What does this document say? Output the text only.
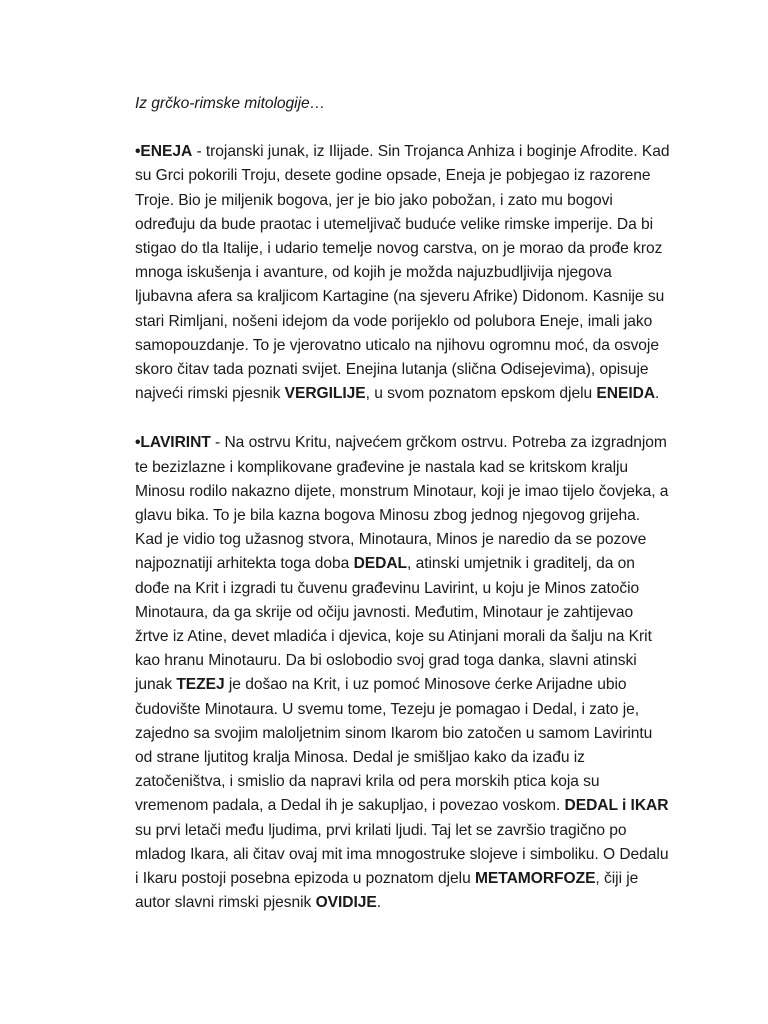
Iz grčko-rimske mitologije…

•ENEJA - trojanski junak, iz Ilijade. Sin Trojanca Anhiza i boginje Afrodite. Kad su Grci pokorili Troju, desete godine opsade, Eneja je pobjegao iz razorene Troje. Bio je miljenik bogova, jer je bio jako pobožan, i zato mu bogovi određuju da bude praotac i utemeljivač buduće velike rimske imperije. Da bi stigao do tla Italije, i udario temelje novog carstva, on je morao da prođe kroz mnoga iskušenja i avanture, od kojih je možda najuzbudljivija njegova ljubavna afera sa kraljicom Kartagine (na sjeveru Afrike) Didonom. Kasnije su stari Rimljani, nošeni idejom da vode porijeklo od polubога Eneje, imali jako samopouzdanje. To je vjerovatno uticalo na njihovu ogromnu moć, da osvoje skoro čitav tada poznati svijet. Enejina lutanja (slična Odisejevima), opisuje najveći rimski pjesnik VERGILIJE, u svom poznatom epskom djelu ENEIDA.

•LAVIRINT - Na ostrvu Kritu, najvećem grčkom ostrvu. Potreba za izgradnjom te bezizlazne i komplikovane građevine je nastala kad se kritskom kralju Minosu rodilo nakazno dijete, monstrum Minotaur, koji je imao tijelo čovjeka, a glavu bika. To je bila kazna bogova Minosu zbog jednog njegovog grijeha. Kad je vidio tog užasnog stvora, Minotaura, Minos je naredio da se pozove najpoznatiji arhitekta toga doba DEDAL, atinski umjetnik i graditelj, da on dođe na Krit i izgradi tu čuvenu građevinu Lavirint, u koju je Minos zatočio Minotaura, da ga skrije od očiju javnosti. Međutim, Minotaur je zahtijevao žrtve iz Atine, devet mladića i djevica, koje su Atinjani morali da šalju na Krit kao hranu Minotauru. Da bi oslobodio svoj grad toga danka, slavni atinski junak TEZEJ je došao na Krit, i uz pomoć Minosove ćerke Arijadne ubio čudovište Minotaura. U svemu tome, Tezeju je pomagao i Dedal, i zato je, zajedno sa svojim maloljetnim sinom Ikarom bio zatočen u samom Lavirintu od strane ljutitog kralja Minosa. Dedal je smišljao kako da izađu iz zatočeništva, i smislio da napravi krila od pera morskih ptica koja su vremenom padala, a Dedal ih je sakupljao, i povezao voskom. DEDAL i IKAR su prvi letači među ljudima, prvi krilati ljudi. Taj let se završio tragično po mladog Ikara, ali čitav ovaj mit ima mnogostruke slojeve i simboliku. O Dedalu i Ikaru postoji posebna epizoda u poznatom djelu METAMORFOZE, čiji je autor slavni rimski pjesnik OVIDIJE.
